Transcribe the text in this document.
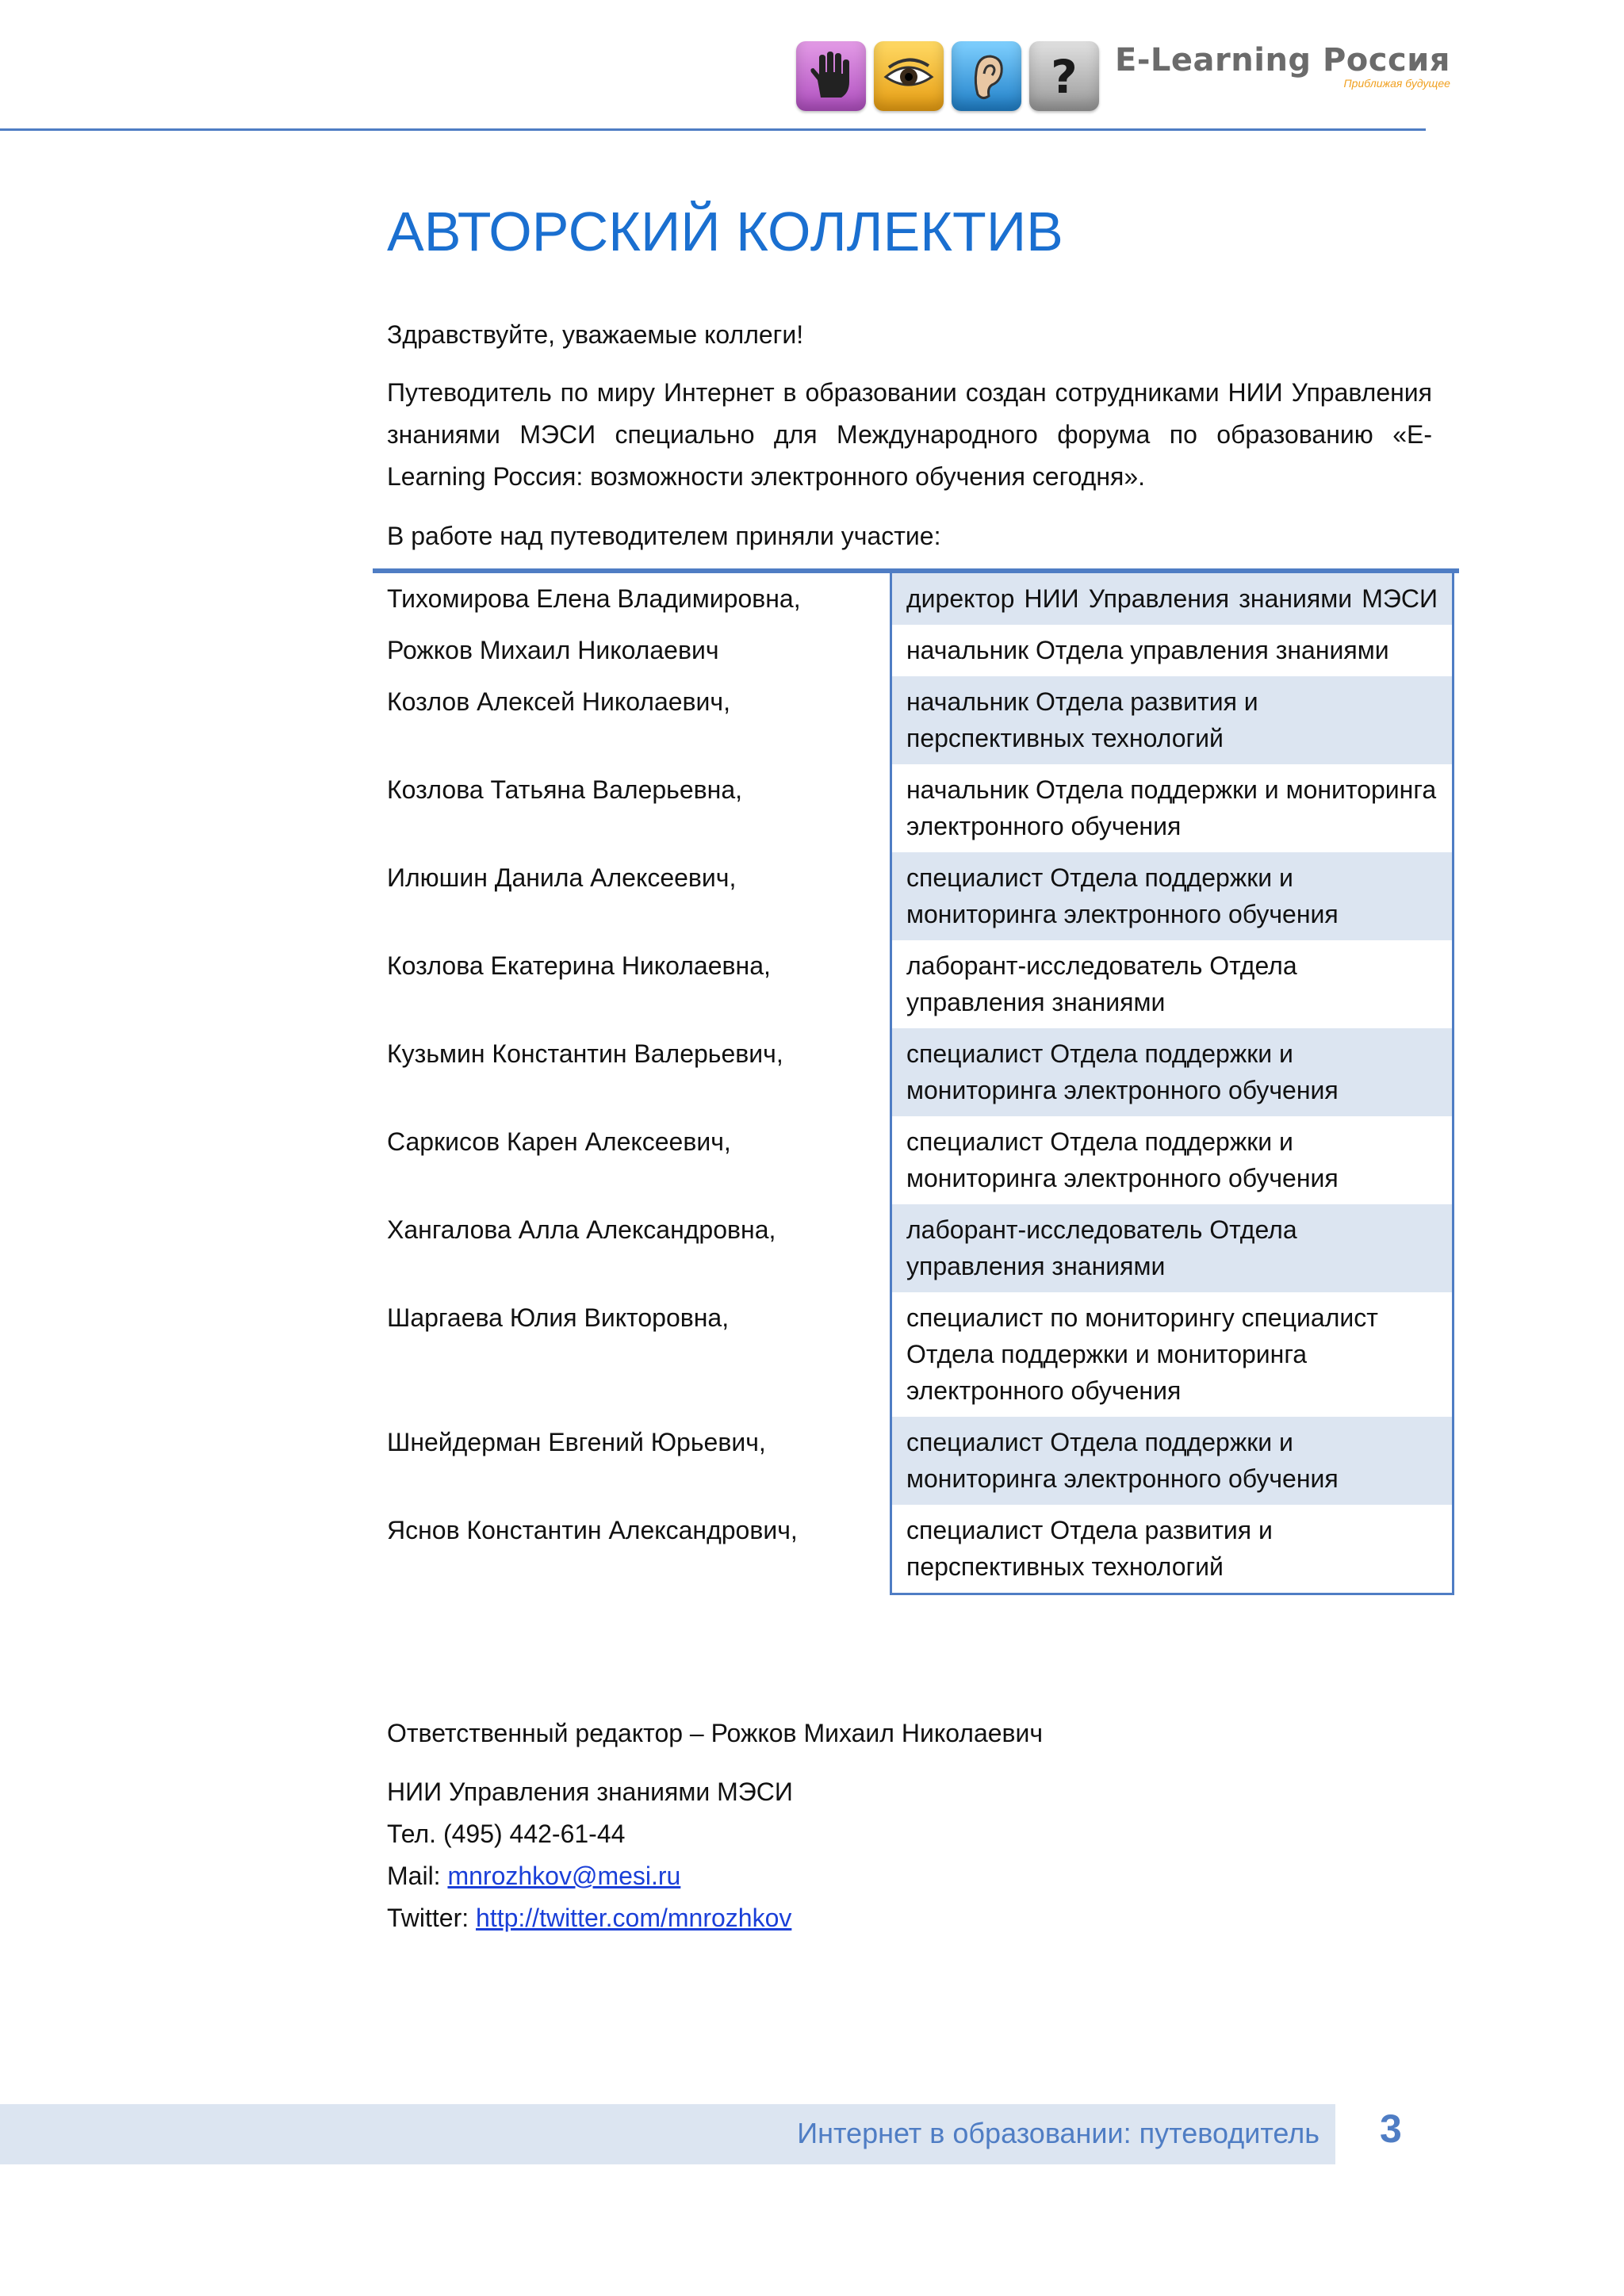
? E-Learning Россия
Приближая будущее
АВТОРСКИЙ КОЛЛЕКТИВ

Здравствуйте, уважаемые коллеги!

Путеводитель по миру Интернет в образовании создан сотрудниками НИИ Управления знаниями МЭСИ специально для Международного форума по образованию «E-Learning Россия: возможности электронного обучения сегодня».

В работе над путеводителем приняли участие:

Тихомирова Елена Владимировна,	директор НИИ Управления знаниями МЭСИ
Рожков Михаил Николаевич	начальник Отдела управления знаниями
Козлов Алексей Николаевич,	начальник Отдела развития и перспективных технологий
Козлова Татьяна Валерьевна,	начальник Отдела поддержки и мониторинга электронного обучения
Илюшин Данила Алексеевич,	специалист Отдела поддержки и мониторинга электронного обучения
Козлова Екатерина Николаевна,	лаборант-исследователь Отдела управления знаниями
Кузьмин Константин Валерьевич,	специалист Отдела поддержки и мониторинга электронного обучения
Саркисов Карен Алексеевич,	специалист Отдела поддержки и мониторинга электронного обучения
Хангалова Алла Александровна,	лаборант-исследователь Отдела управления знаниями
Шаргаева Юлия Викторовна,	специалист по мониторингу специалист Отдела поддержки и мониторинга электронного обучения
Шнейдерман Евгений Юрьевич,	специалист Отдела поддержки и мониторинга электронного обучения
Яснов Константин Александрович,	специалист Отдела развития и перспективных технологий

Ответственный редактор – Рожков Михаил Николаевич

НИИ Управления знаниями МЭСИ
Тел. (495) 442-61-44
Mail: mnrozhkov@mesi.ru
Twitter: http://twitter.com/mnrozhkov
Интернет в образовании: путеводитель 3
